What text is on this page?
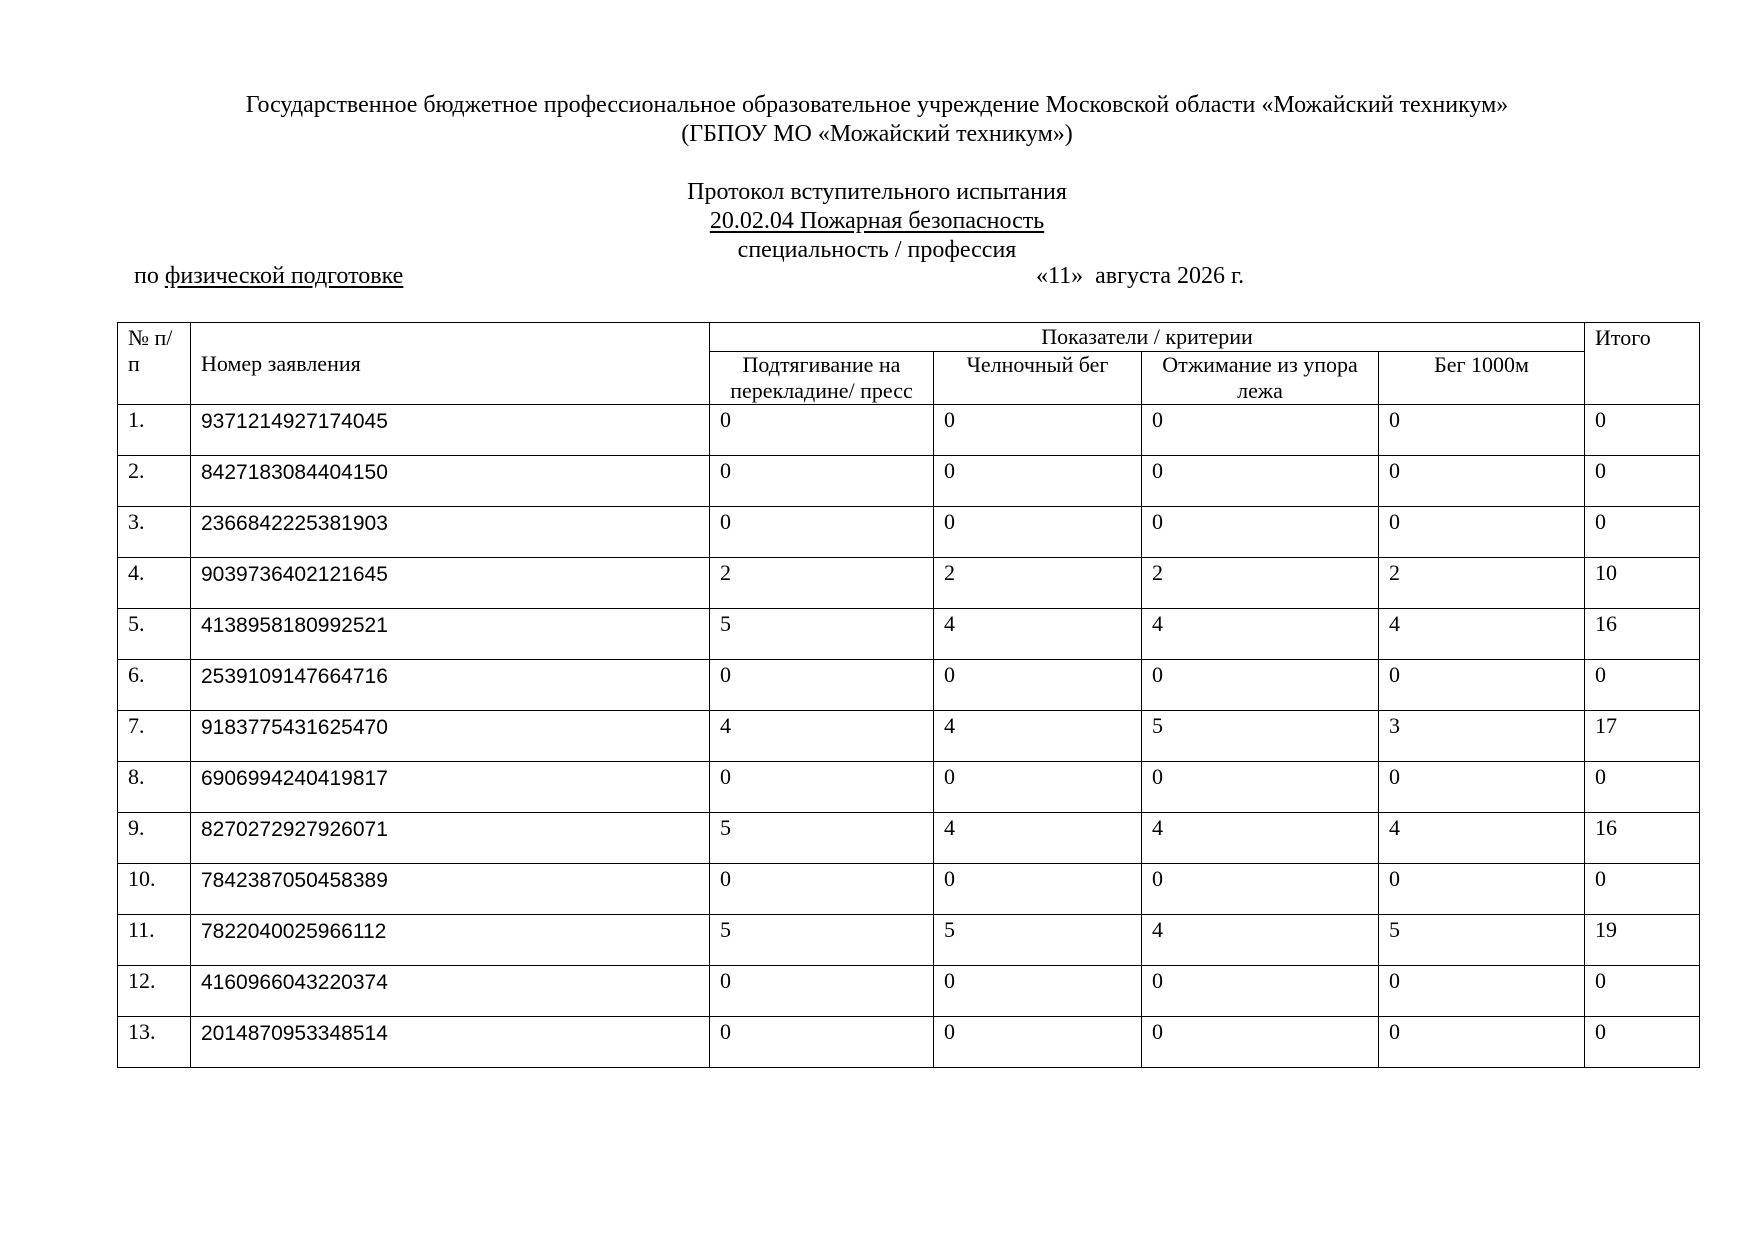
Государственное бюджетное профессиональное образовательное учреждение Московской области «Можайский техникум»
(ГБПОУ МО «Можайский техникум»)
Протокол вступительного испытания
20.02.04 Пожарная безопасность
специальность / профессия
по физической подготовке	«11»  августа 2026 г.
№ п/п	Номер заявления	Показатели / критерии				Итого
		Подтягивание на перекладине/ пресс	Челночный бег	Отжимание из упора лежа	Бег 1000м	
1.	9371214927174045	0	0	0	0	0
2.	8427183084404150	0	0	0	0	0
3.	2366842225381903	0	0	0	0	0
4.	9039736402121645	2	2	2	2	10
5.	4138958180992521	5	4	4	4	16
6.	2539109147664716	0	0	0	0	0
7.	9183775431625470	4	4	5	3	17
8.	6906994240419817	0	0	0	0	0
9.	8270272927926071	5	4	4	4	16
10.	7842387050458389	0	0	0	0	0
11.	7822040025966112	5	5	4	5	19
12.	4160966043220374	0	0	0	0	0
13.	2014870953348514	0	0	0	0	0
